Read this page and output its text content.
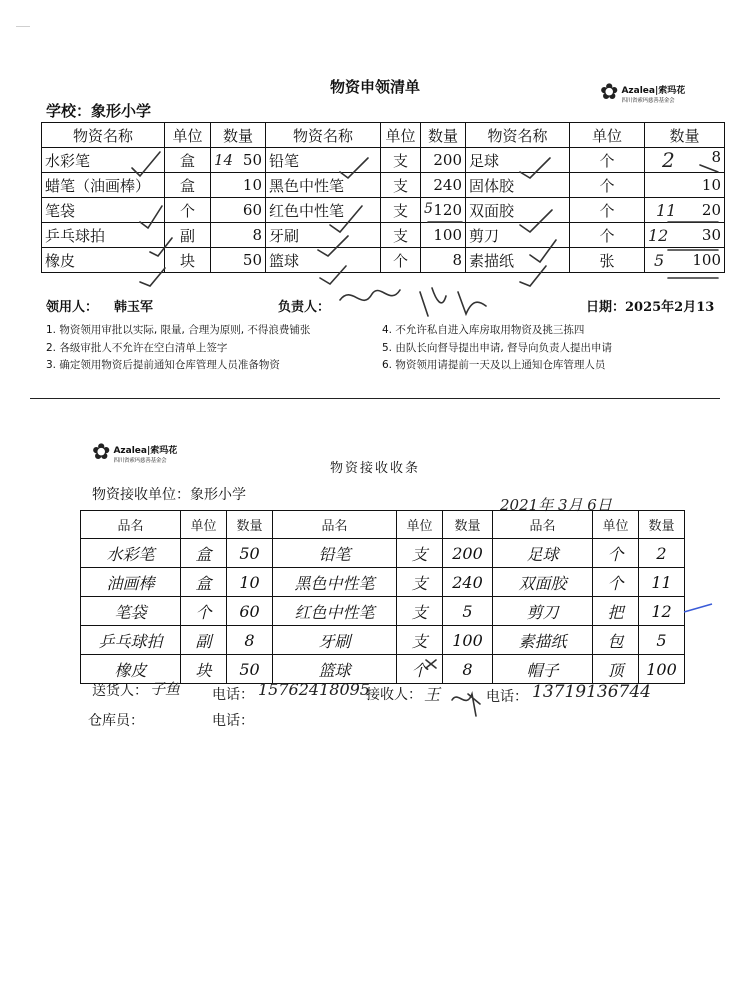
物资申领清单
学校：象形小学
✿ Azalea|索玛花
四川省索玛慈善基金会
物资名称	单位	数量	物资名称	单位	数量	物资名称	单位	数量
水彩笔	盒	14 50	铅笔	支	200	足球	个	2 8
蜡笔（油画棒）	盒	10	黑色中性笔	支	240	固体胶	个	10
笔袋	个	60	红色中性笔	支	5 120	双面胶	个	11 20
乒乓球拍	副	8	牙刷	支	100	剪刀	个	12 30
橡皮	块	50	篮球	个	8	素描纸	张	5 100
领用人： 韩玉军	负责人：	日期：2025年2月13
1. 物资领用审批以实际, 限量, 合理为原则, 不得浪费铺张
2. 各级审批人不允许在空白清单上签字
3. 确定领用物资后提前通知仓库管理人员准备物资
4. 不允许私自进入库房取用物资及挑三拣四
5. 由队长向督导提出申请, 督导向负责人提出申请
6. 物资领用请提前一天及以上通知仓库管理人员
✿ Azalea|索玛花
四川省索玛慈善基金会
物资接收收条
物资接收单位：象形小学
2021年 3月 6日
品名	单位	数量	品名	单位	数量	品名	单位	数量
水彩笔	盒	50	铅笔	支	200	足球	个	2
油画棒	盒	10	黑色中性笔	支	240	双面胶	个	11
笔袋	个	60	红色中性笔	支	5	剪刀	把	12
乒乓球拍	副	8	牙刷	支	100	素描纸	包	5
橡皮	块	50	篮球	个	8	帽子	顶	100
送货人： 子鱼 电话： 15762418095
接收人： 王	电话： 13719136744
仓库员：	电话：
